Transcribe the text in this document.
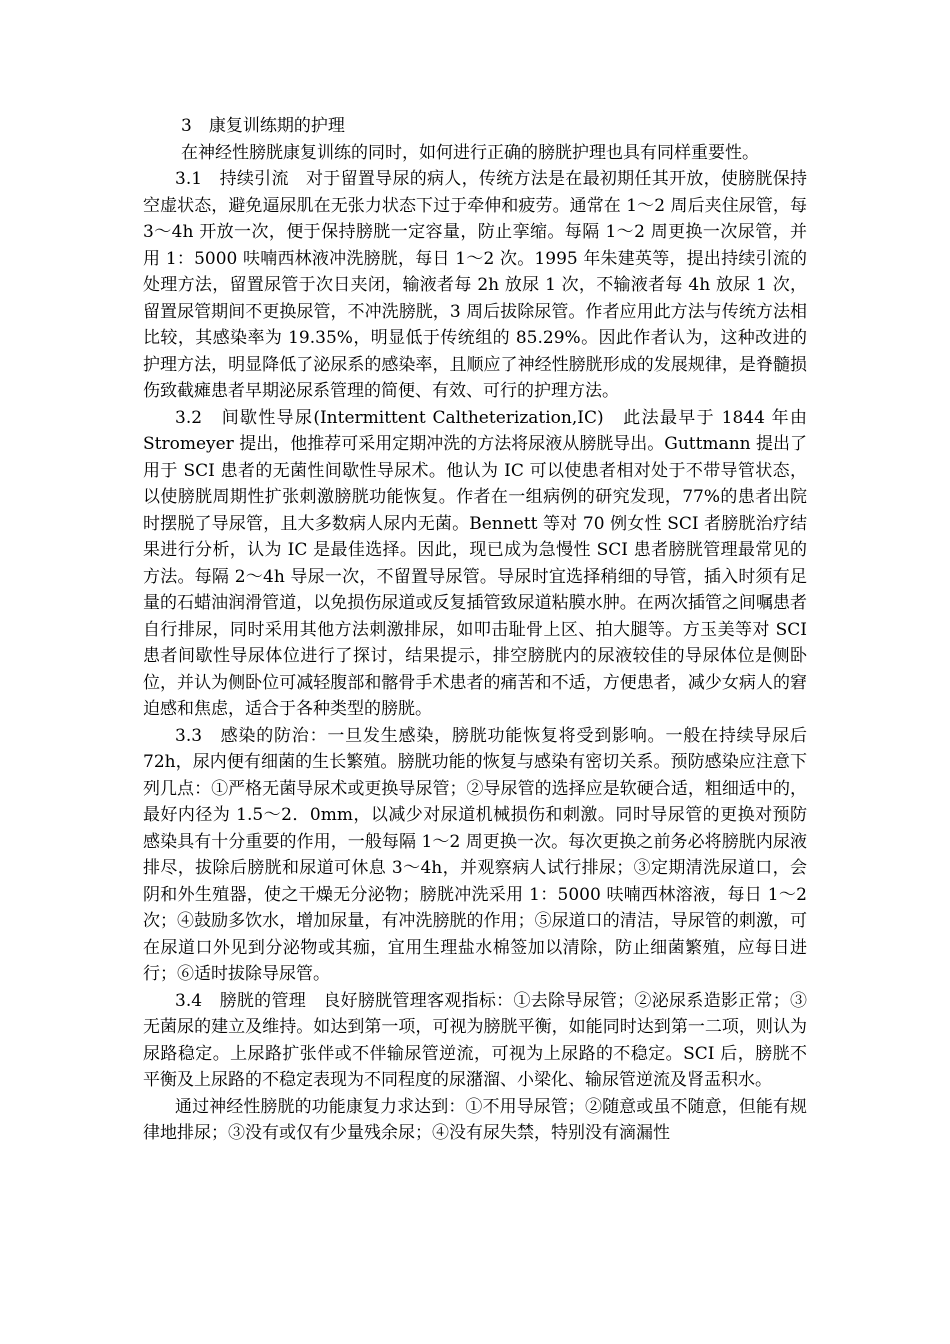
3　康复训练期的护理

在神经性膀胱康复训练的同时，如何进行正确的膀胱护理也具有同样重要性。

3.1　持续引流　对于留置导尿的病人，传统方法是在最初期任其开放，使膀胱保持空虚状态，避免逼尿肌在无张力状态下过于牵伸和疲劳。通常在 1～2 周后夹住尿管，每 3～4h 开放一次，便于保持膀胱一定容量，防止挛缩。每隔 1～2 周更换一次尿管，并用 1：5000 呋喃西林液冲洗膀胱，每日 1～2 次。1995 年朱建英等，提出持续引流的处理方法，留置尿管于次日夹闭，输液者每 2h 放尿 1 次，不输液者每 4h 放尿 1 次，留置尿管期间不更换尿管，不冲洗膀胱，3 周后拔除尿管。作者应用此方法与传统方法相比较，其感染率为 19.35%，明显低于传统组的 85.29%。因此作者认为，这种改进的护理方法，明显降低了泌尿系的感染率，且顺应了神经性膀胱形成的发展规律，是脊髓损伤致截瘫患者早期泌尿系管理的简便、有效、可行的护理方法。

3.2　间歇性导尿(Intermittent Caltheterization,IC)　此法最早于 1844 年由 Stromeyer 提出，他推荐可采用定期冲洗的方法将尿液从膀胱导出。Guttmann 提出了用于 SCI 患者的无菌性间歇性导尿术。他认为 IC 可以使患者相对处于不带导管状态，以使膀胱周期性扩张刺激膀胱功能恢复。作者在一组病例的研究发现，77%的患者出院时摆脱了导尿管，且大多数病人尿内无菌。Bennett 等对 70 例女性 SCI 者膀胱治疗结果进行分析，认为 IC 是最佳选择。因此，现已成为急慢性 SCI 患者膀胱管理最常见的方法。每隔 2～4h 导尿一次，不留置导尿管。导尿时宜选择稍细的导管，插入时须有足量的石蜡油润滑管道，以免损伤尿道或反复插管致尿道粘膜水肿。在两次插管之间嘱患者自行排尿，同时采用其他方法刺激排尿，如叩击耻骨上区、拍大腿等。方玉美等对 SCI 患者间歇性导尿体位进行了探讨，结果提示，排空膀胱内的尿液较佳的导尿体位是侧卧位，并认为侧卧位可减轻腹部和髂骨手术患者的痛苦和不适，方便患者，减少女病人的窘迫感和焦虑，适合于各种类型的膀胱。

3.3　感染的防治：一旦发生感染，膀胱功能恢复将受到影响。一般在持续导尿后 72h，尿内便有细菌的生长繁殖。膀胱功能的恢复与感染有密切关系。预防感染应注意下列几点：①严格无菌导尿术或更换导尿管；②导尿管的选择应是软硬合适，粗细适中的，最好内径为 1.5～2．0mm，以减少对尿道机械损伤和刺激。同时导尿管的更换对预防感染具有十分重要的作用，一般每隔 1～2 周更换一次。每次更换之前务必将膀胱内尿液排尽，拔除后膀胱和尿道可休息 3～4h，并观察病人试行排尿；③定期清洗尿道口，会阴和外生殖器，使之干燥无分泌物；膀胱冲洗采用 1：5000 呋喃西林溶液，每日 1～2 次；④鼓励多饮水，增加尿量，有冲洗膀胱的作用；⑤尿道口的清洁，导尿管的刺激，可在尿道口外见到分泌物或其痂，宜用生理盐水棉签加以清除，防止细菌繁殖，应每日进行；⑥适时拔除导尿管。

3.4　膀胱的管理　良好膀胱管理客观指标：①去除导尿管；②泌尿系造影正常；③无菌尿的建立及维持。如达到第一项，可视为膀胱平衡，如能同时达到第一二项，则认为尿路稳定。上尿路扩张伴或不伴输尿管逆流，可视为上尿路的不稳定。SCI 后，膀胱不平衡及上尿路的不稳定表现为不同程度的尿潴溜、小梁化、输尿管逆流及肾盂积水。

通过神经性膀胱的功能康复力求达到：①不用导尿管；②随意或虽不随意，但能有规律地排尿；③没有或仅有少量残余尿；④没有尿失禁，特别没有滴漏性
